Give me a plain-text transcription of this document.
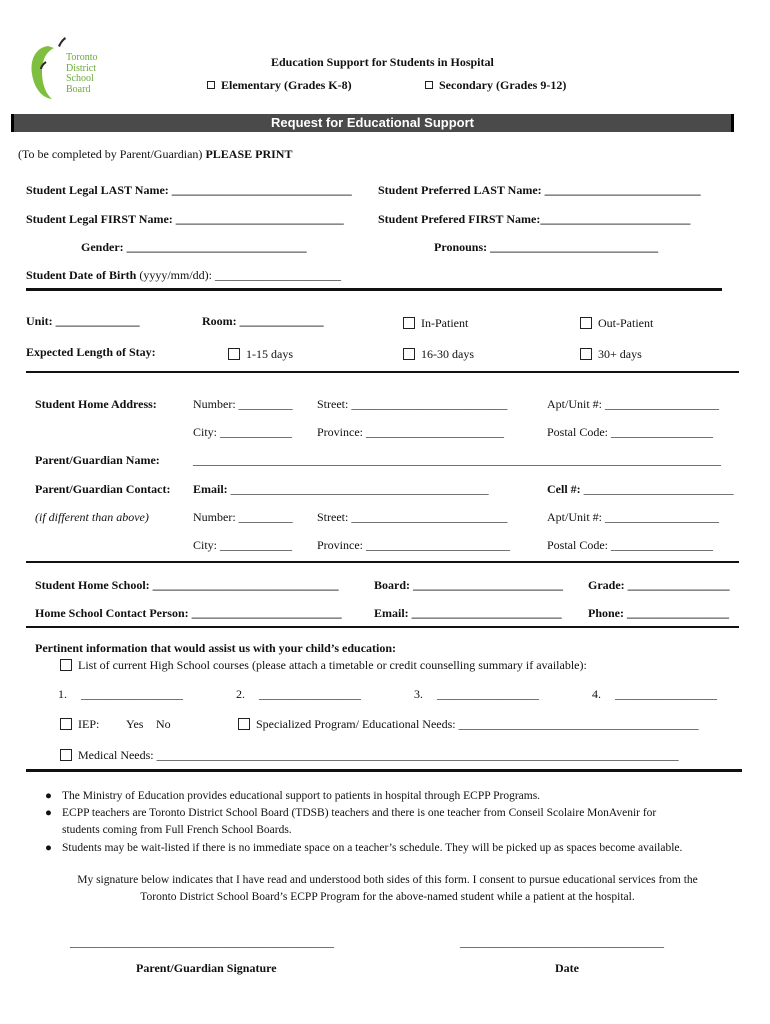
Toronto
District
School
Board
Education Support for Students in Hospital
Elementary (Grades K-8)	Secondary (Grades 9-12)
Request for Educational Support
(To be completed by Parent/Guardian) PLEASE PRINT
Student Legal LAST Name: ______________________________ Student Preferred LAST Name: __________________________
Student Legal FIRST Name: ____________________________	Student Prefered FIRST Name:_________________________
Gender: ______________________________	Pronouns: ____________________________
Student Date of Birth (yyyy/mm/dd): _____________________
Unit: ______________	Room: ______________	In-Patient	Out-Patient
Expected Length of Stay:	1-15 days	16-30 days	30+ days
Student Home Address:	Number: _________ Street: __________________________	Apt/Unit #: ___________________
City: ____________ Province: _______________________	Postal Code: _________________
Parent/Guardian Name:	________________________________________________________________________________________
Parent/Guardian Contact: Email: ___________________________________________	Cell #: _________________________
(if different than above)	Number: _________ Street: __________________________	Apt/Unit #: ___________________
City: ____________ Province: ________________________	Postal Code: _________________
Student Home School: _______________________________	Board: _________________________ Grade: _________________
Home School Contact Person: _________________________	Email: _________________________ Phone: _________________
Pertinent information that would assist us with your child’s education:
List of current High School courses (please attach a timetable or credit counselling summary if available):
1. _________________	2. _________________	3. _________________	4. _________________
IEP: Yes No	Specialized Program/ Educational Needs: ________________________________________
Medical Needs: _______________________________________________________________________________________
● The Ministry of Education provides educational support to patients in hospital through ECPP Programs.
● ECPP teachers are Toronto District School Board (TDSB) teachers and there is one teacher from Conseil Scolaire MonAvenir for
students coming from Full French School Boards.
● Students may be wait-listed if there is no immediate space on a teacher’s schedule. They will be picked up as spaces become available.
My signature below indicates that I have read and understood both sides of this form. I consent to pursue educational services from the
Toronto District School Board’s ECPP Program for the above-named student while a patient at the hospital.
____________________________________________	__________________________________
Parent/Guardian Signature	Date
